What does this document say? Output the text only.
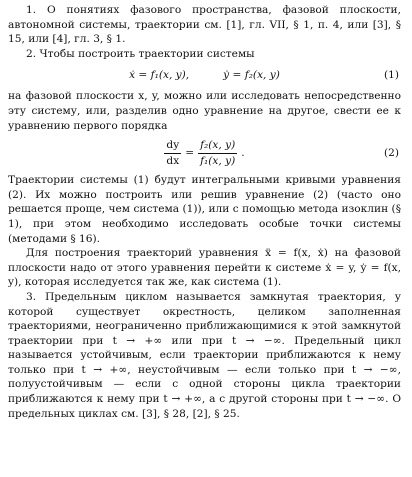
1. О понятиях фазового пространства, фазовой плоскости, автономной системы, траектории см. [1], гл. VII, § 1, п. 4, или [3], § 15, или [4], гл. 3, § 1.

2. Чтобы построить траектории системы

ẋ = f₁(x, y),	ẏ = f₂(x, y)	(1)

на фазовой плоскости x, y, можно или исследовать непосредственно эту систему, или, разделив одно уравнение на другое, свести ее к уравнению первого порядка

$\frac{dy}{dx} = \frac{\text{f₂(x, y)}}{\text{f₁(x, y)}}$ .	(2)

Траектории системы (1) будут интегральными кривыми уравнения (2). Их можно построить или решив уравнение (2) (часто оно решается проще, чем система (1)), или с помощью метода изоклин (§ 1), при этом необходимо исследовать особые точки системы (методами § 16).

Для построения траекторий уравнения ẍ = f(x, ẋ) на фазовой плоскости надо от этого уравнения перейти к системе ẋ = y, ẏ = f(x, y), которая исследуется так же, как система (1).

3. Предельным циклом называется замкнутая траектория, у которой существует окрестность, целиком заполненная траекториями, неограниченно приближающимися к этой замкнутой траектории при t → +∞ или при t → −∞. Предельный цикл называется устойчивым, если траектории приближаются к нему только при t → +∞, неустойчивым — если только при t → −∞, полуустойчивым — если с одной стороны цикла траектории приближаются к нему при t → +∞, а с другой стороны при t → −∞. О предельных циклах см. [3], § 28, [2], § 25.
